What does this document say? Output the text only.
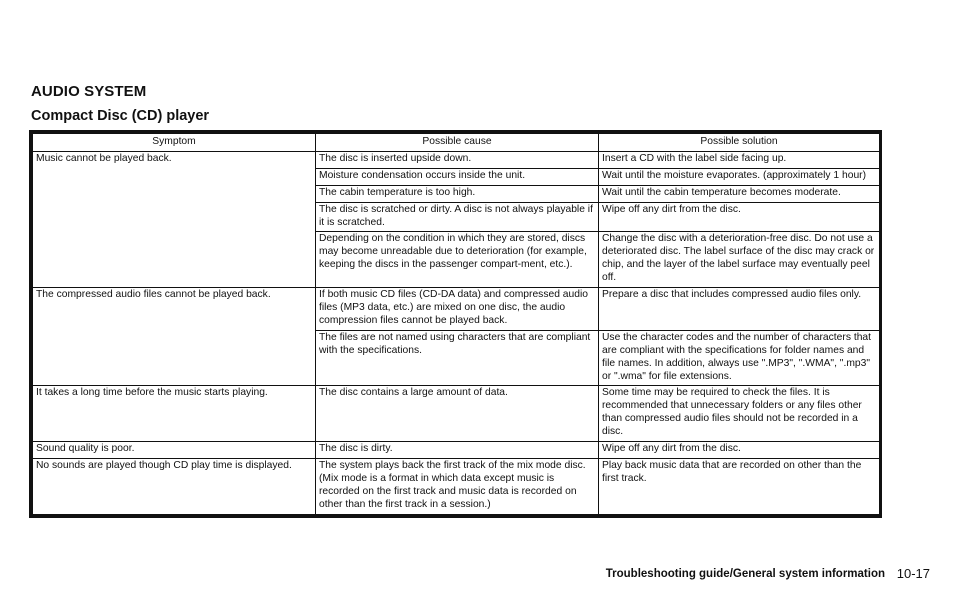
AUDIO SYSTEM
Compact Disc (CD) player
Symptom	Possible cause	Possible solution
Music cannot be played back.	The disc is inserted upside down.	Insert a CD with the label side facing up.
	Moisture condensation occurs inside the unit.	Wait until the moisture evaporates. (approximately 1 hour)
	The cabin temperature is too high.	Wait until the cabin temperature becomes moderate.
	The disc is scratched or dirty. A disc is not always playable if it is scratched.	Wipe off any dirt from the disc.
	Depending on the condition in which they are stored, discs may become unreadable due to deterioration (for example, keeping the discs in the passenger compart-ment, etc.).	Change the disc with a deterioration-free disc. Do not use a deteriorated disc. The label surface of the disc may crack or chip, and the layer of the label surface may eventually peel off.
The compressed audio files cannot be played back.	If both music CD files (CD-DA data) and compressed audio files (MP3 data, etc.) are mixed on one disc, the audio compression files cannot be played back.	Prepare a disc that includes compressed audio files only.
	The files are not named using characters that are compliant with the specifications.	Use the character codes and the number of characters that are compliant with the specifications for folder names and file names. In addition, always use ".MP3", ".WMA", ".mp3" or ".wma" for file extensions.
It takes a long time before the music starts playing.	The disc contains a large amount of data.	Some time may be required to check the files. It is recommended that unnecessary folders or any files other than compressed audio files should not be recorded in a disc.
Sound quality is poor.	The disc is dirty.	Wipe off any dirt from the disc.
No sounds are played though CD play time is displayed.	The system plays back the first track of the mix mode disc. (Mix mode is a format in which data except music is recorded on the first track and music data is recorded on other than the first track in a session.)	Play back music data that are recorded on other than the first track.
Troubleshooting guide/General system information 10-17
